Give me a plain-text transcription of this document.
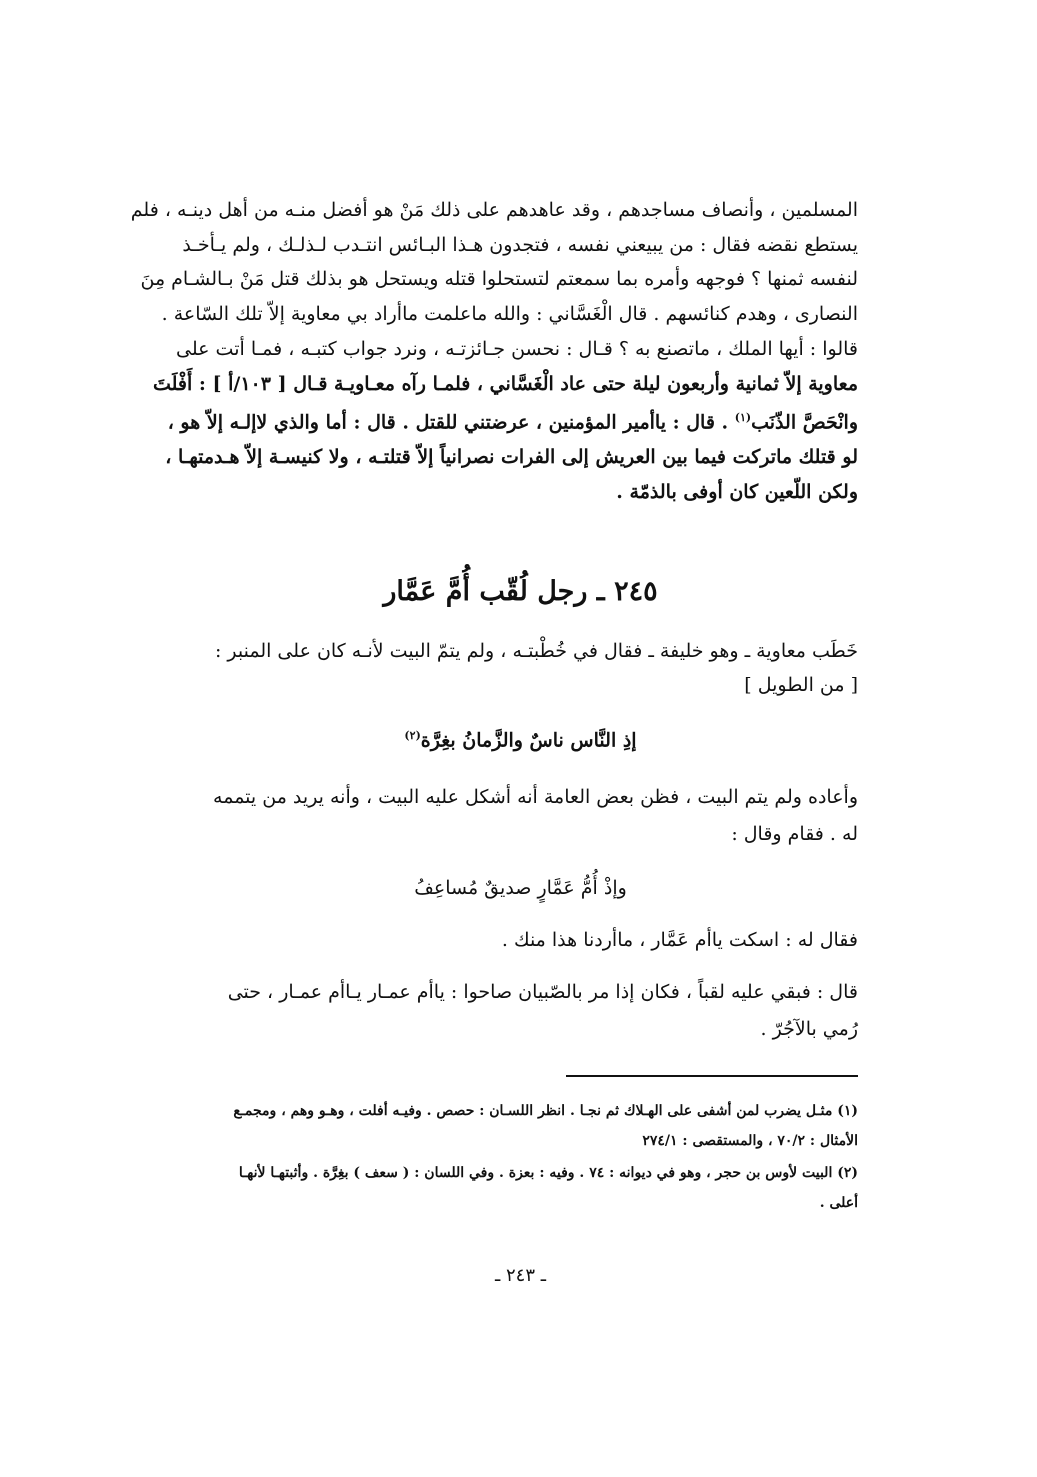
المسلمين ، وأنصاف مساجدهم ، وقد عاهدهم على ذلك مَنْ هو أفضل منـه من أهل دينـه ، فلم
يستطع نقضه فقال : من يبيعني نفسه ، فتجدون هـذا البـائس انتـدب لـذلـك ، ولم يـأخـذ
لنفسه ثمنها ؟ فوجهه وأمره بما سمعتم لتستحلوا قتله ويستحل هو بذلك قتل مَنْ بـالشـام مِنَ
النصارى ، وهدم كنائسهم . قال الْغَسَّاني : والله ماعلمت ماأراد بي معاوية إلاّ تلك السّاعة .
قالوا : أيها الملك ، ماتصنع به ؟ قـال : نحسن جـائزتـه ، ونرد جواب كتبـه ، فمـا أتت على
معاوية إلاّ ثمانية وأربعون ليلة حتى عاد الْغَسَّاني ، فلمـا رآه معـاويـة قـال [ ١٠٣/أ ] : أَفْلَتَ
وانْحَصَّ الذّنَب$^{(١)}$ . قال : ياأمير المؤمنين ، عرضتني للقتل . قال : أما والذي لاإلـه إلاّ هو ،
لو قتلك ماتركت فيما بين العريش إلى الفرات نصرانياً إلاّ قتلتـه ، ولا كنيسـة إلاّ هـدمتهـا ،
ولكن اللّعين كان أوفى بالذمّة .
٢٤٥ ـ رجل لُقّب أُمَّ عَمَّار
خَطَب معاوية ـ وهو خليفة ـ فقال في خُطْبتـه ، ولم يتمّ البيت لأنـه كان على المنبر :
[ من الطويل ]
إذِ النَّاس ناسٌ والزَّمانُ بغِرَّة$^{(٢)}$
وأعاده ولم يتم البيت ، فظن بعض العامة أنه أشكل عليه البيت ، وأنه يريد من يتممه
له . فقام وقال :
وإذْ أُمُّ عَمَّارٍ صديقٌ مُساعِفُ
فقال له : اسكت ياأم عَمَّار ، ماأردنا هذا منك .
قال : فبقي عليه لقباً ، فكان إذا مر بالصّبيان صاحوا : ياأم عمـار يـاأم عمـار ، حتى
رُمي بالآجُرّ .
(١) مثـل يضرب لمن أشفى على الهـلاك ثم نجـا . انظر اللسـان : حصص . وفيـه أفلت ، وهـو وهم ، ومجمـع
الأمثال : ٧٠/٢ ، والمستقصى : ٢٧٤/١
(٢) البيت لأوس بن حجر ، وهو في ديوانه : ٧٤ . وفيه : بعزة . وفي اللسان : ( سعف ) بغِرَّة . وأثبتهـا لأنهـا
أعلى .
ـ ٢٤٣ ـ
